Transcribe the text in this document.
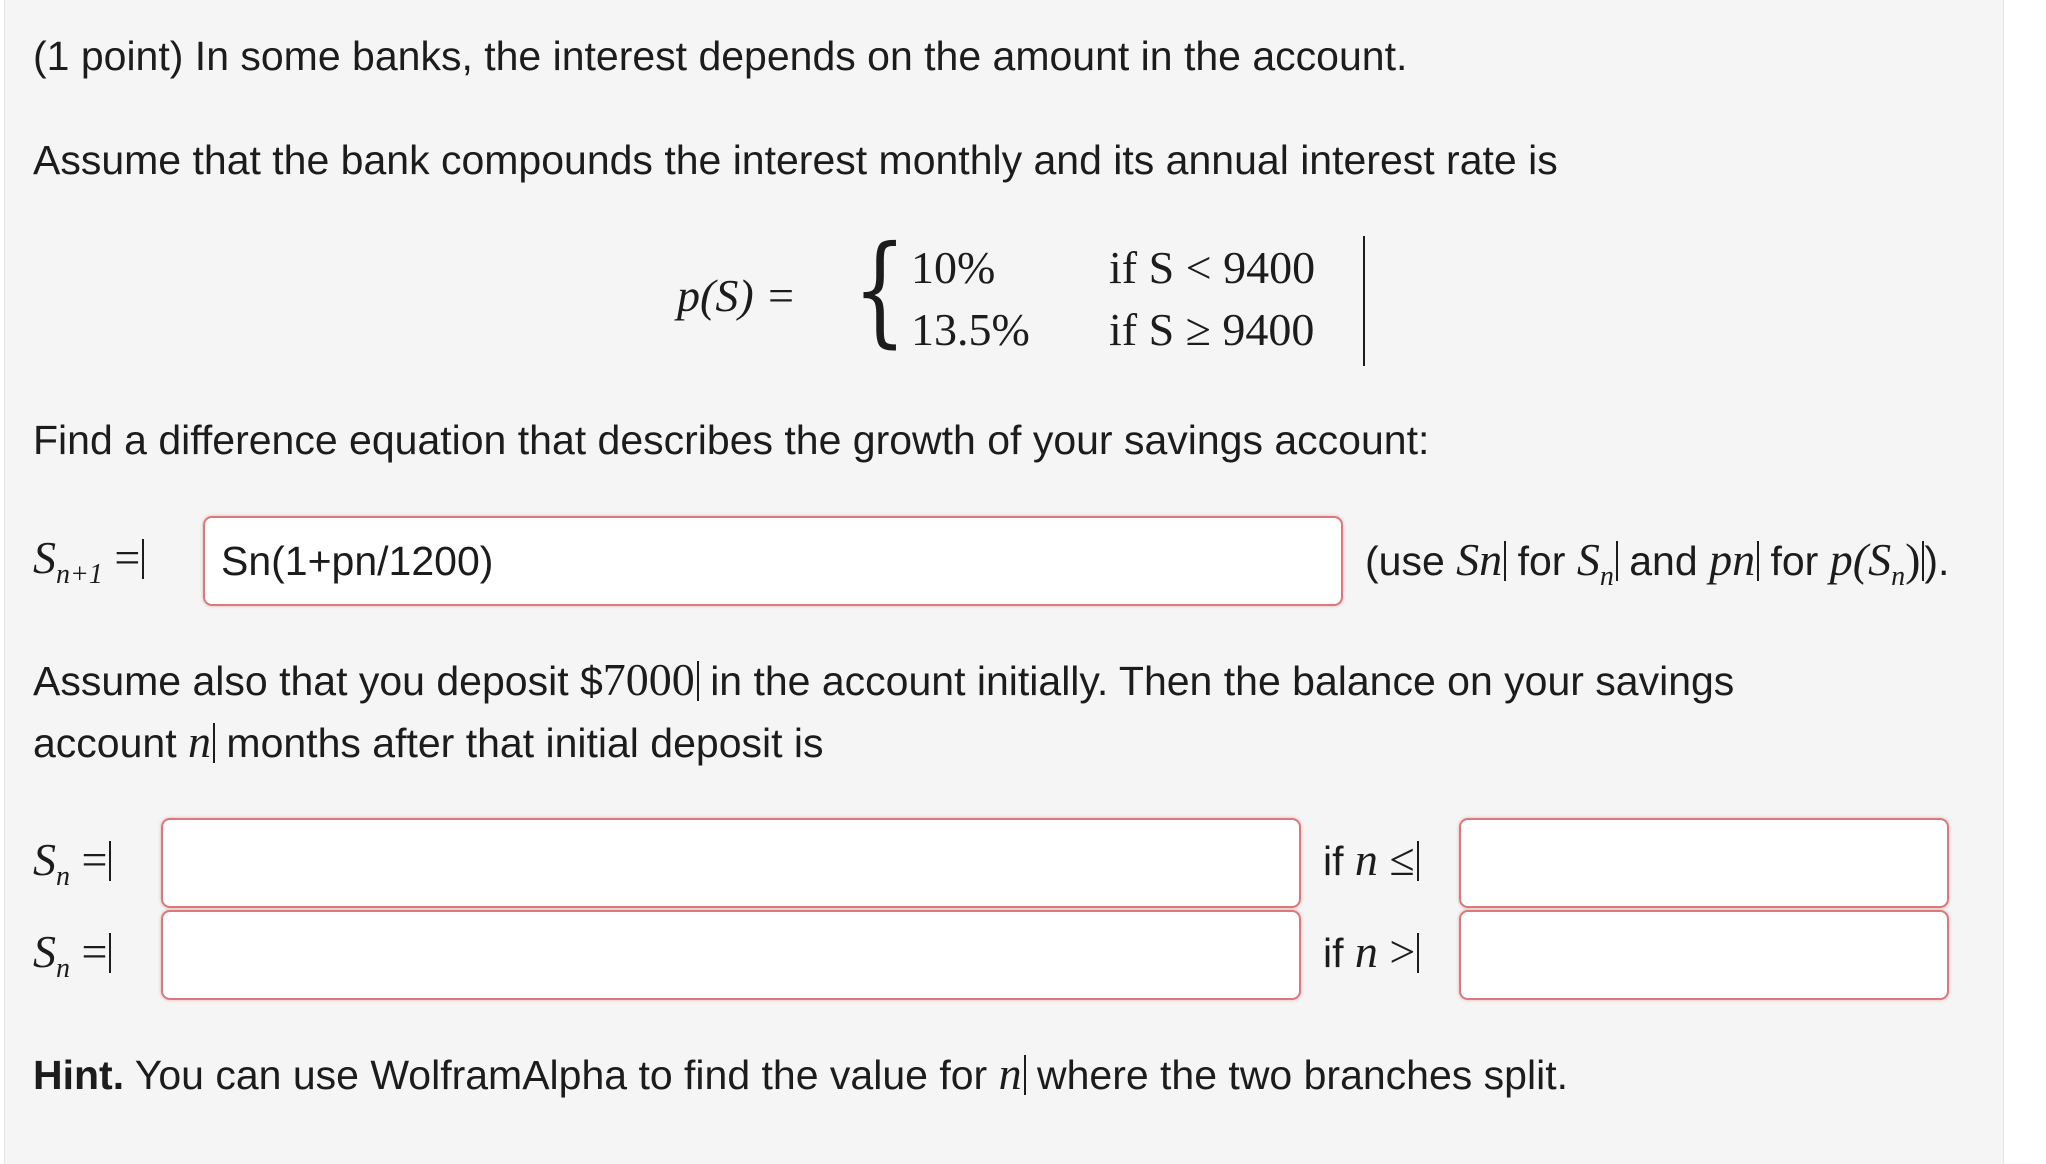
(1 point) In some banks, the interest depends on the amount in the account.
Assume that the bank compounds the interest monthly and its annual interest rate is
p(S) = { 10% if S < 9400
13.5% if S ≥ 9400
Find a difference equation that describes the growth of your savings account:
$S_{n+1}$ =
Sn(1+pn/1200)	(use Sn for $S_n$ and pn for $p(S_n)$).
Assume also that you deposit $7000 in the account initially. Then the balance on your savings
account n months after that initial deposit is
$S_n$ =	if n ≤
$S_n$ =	if n >
Hint. You can use WolframAlpha to find the value for n where the two branches split.
